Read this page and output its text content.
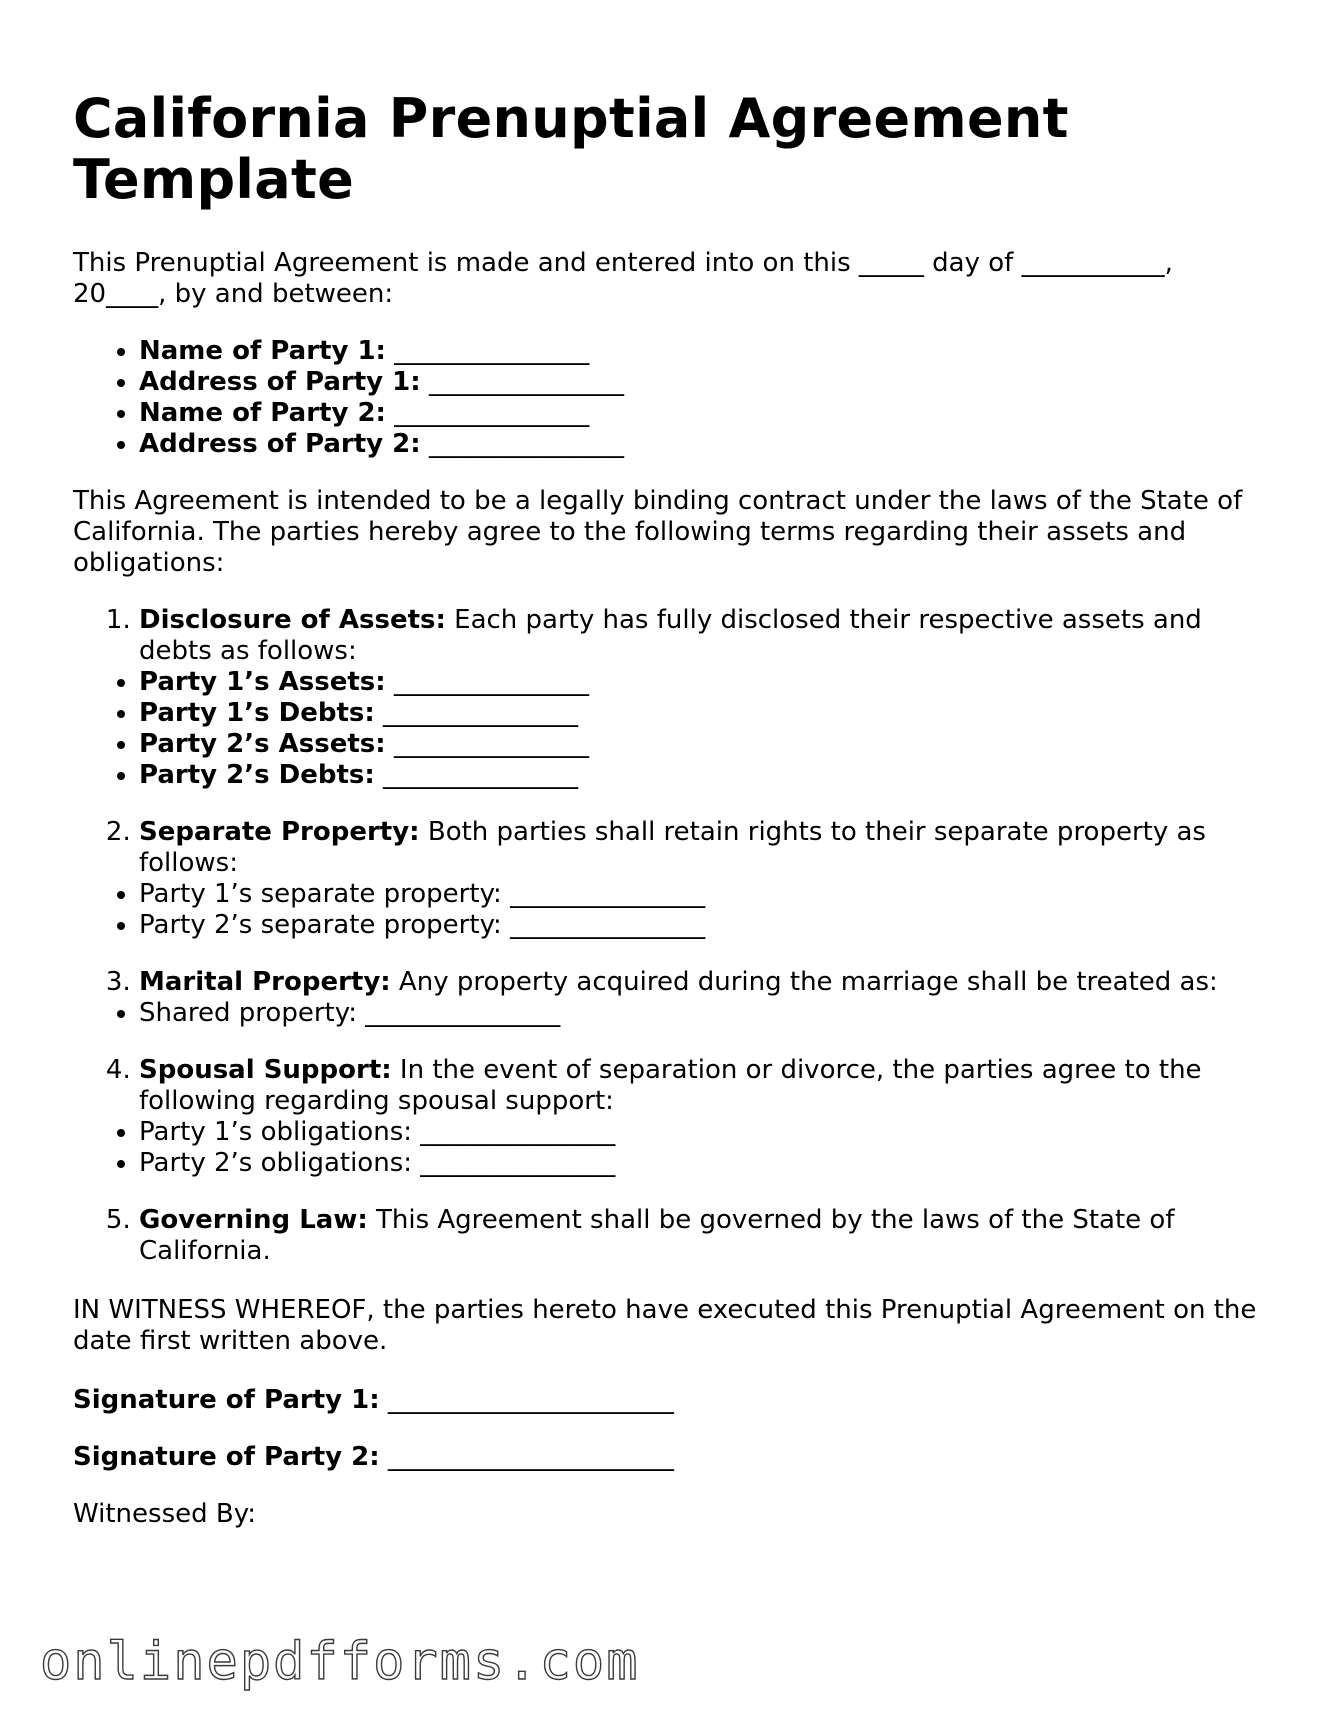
California Prenuptial Agreement Template

This Prenuptial Agreement is made and entered into on this _____ day of ___________, 20____, by and between:

• Name of Party 1: _______________
• Address of Party 1: _______________
• Name of Party 2: _______________
• Address of Party 2: _______________

This Agreement is intended to be a legally binding contract under the laws of the State of California. The parties hereby agree to the following terms regarding their assets and obligations:

1. Disclosure of Assets: Each party has fully disclosed their respective assets and debts as follows:
• Party 1’s Assets: _______________
• Party 1’s Debts: _______________
• Party 2’s Assets: _______________
• Party 2’s Debts: _______________
2. Separate Property: Both parties shall retain rights to their separate property as follows:
• Party 1’s separate property: _______________
• Party 2’s separate property: _______________
3. Marital Property: Any property acquired during the marriage shall be treated as:
• Shared property: _______________
4. Spousal Support: In the event of separation or divorce, the parties agree to the following regarding spousal support:
• Party 1’s obligations: _______________
• Party 2’s obligations: _______________
5. Governing Law: This Agreement shall be governed by the laws of the State of California.

IN WITNESS WHEREOF, the parties hereto have executed this Prenuptial Agreement on the date first written above.

Signature of Party 1: ______________________

Signature of Party 2: ______________________

Witnessed By:

onlinepdfforms.com
